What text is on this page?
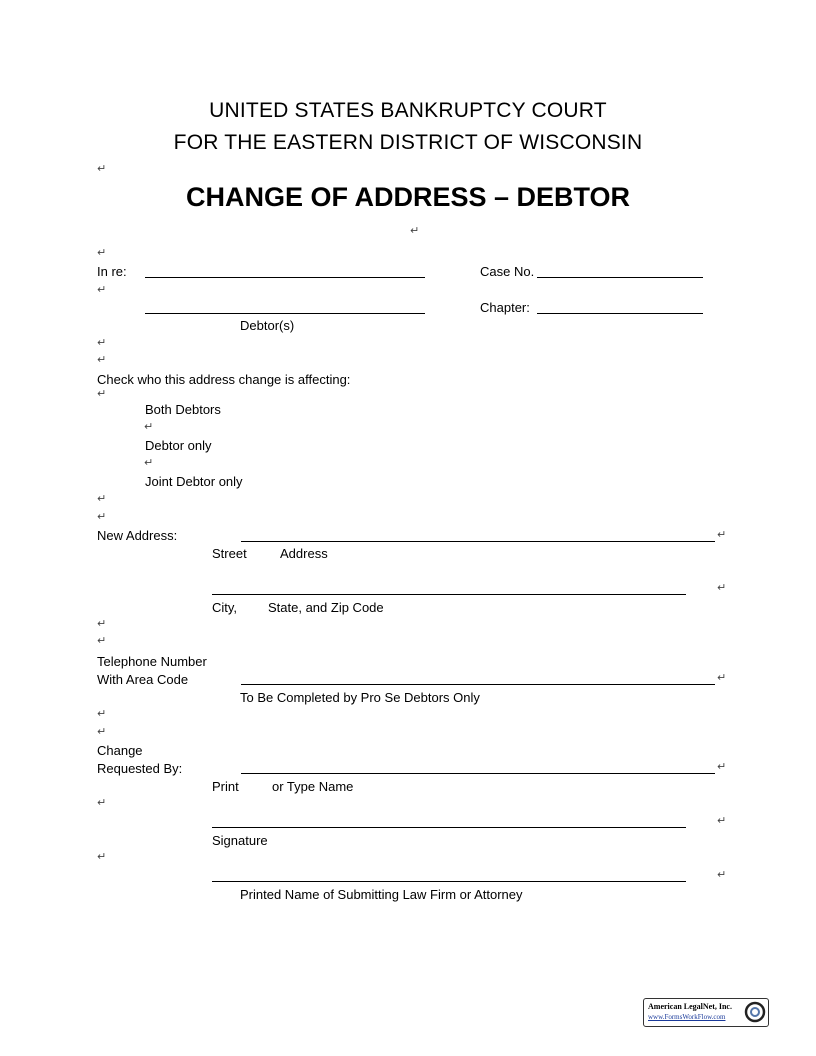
UNITED STATES BANKRUPTCY COURT
FOR THE EASTERN DISTRICT OF WISCONSIN
CHANGE OF ADDRESS – DEBTOR
↵
↵
↵
↵
↵
↵
↵
↵
↵
↵
↵
In re:	Case No.
Chapter:
Debtor(s)
Check who this address change is affecting:
Both Debtors
Debtor only
Joint Debtor only
New Address:
Street	Address
City, State, and Zip Code
Telephone Number
With Area Code
To Be Completed by Pro Se Debtors Only
Change
Requested By:
Print	or Type Name
Signature
Printed Name of Submitting Law Firm or Attorney
↵
↵
↵
↵
↵
↵
↵
↵
↵
↵
↵
↵
American LegalNet, Inc.
www.FormsWorkFlow.com
